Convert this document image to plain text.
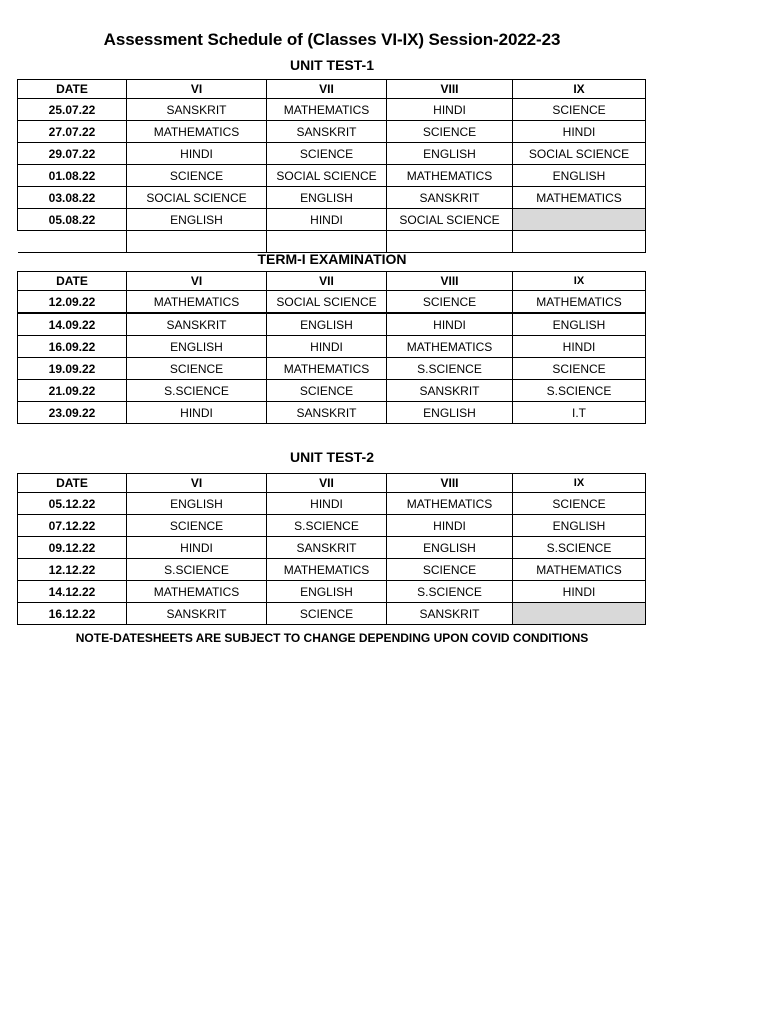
Assessment Schedule of (Classes VI-IX) Session-2022-23
UNIT TEST-1
DATE	VI	VII	VIII	IX
25.07.22	SANSKRIT	MATHEMATICS	HINDI	SCIENCE
27.07.22	MATHEMATICS	SANSKRIT	SCIENCE	HINDI
29.07.22	HINDI	SCIENCE	ENGLISH	SOCIAL SCIENCE
01.08.22	SCIENCE	SOCIAL SCIENCE	MATHEMATICS	ENGLISH
03.08.22	SOCIAL SCIENCE	ENGLISH	SANSKRIT	MATHEMATICS
05.08.22	ENGLISH	HINDI	SOCIAL SCIENCE	

TERM-I EXAMINATION
DATE	VI	VII	VIII	IX
12.09.22	MATHEMATICS	SOCIAL SCIENCE	SCIENCE	MATHEMATICS
14.09.22	SANSKRIT	ENGLISH	HINDI	ENGLISH
16.09.22	ENGLISH	HINDI	MATHEMATICS	HINDI
19.09.22	SCIENCE	MATHEMATICS	S.SCIENCE	SCIENCE
21.09.22	S.SCIENCE	SCIENCE	SANSKRIT	S.SCIENCE
23.09.22	HINDI	SANSKRIT	ENGLISH	I.T
UNIT TEST-2
DATE	VI	VII	VIII	IX
05.12.22	ENGLISH	HINDI	MATHEMATICS	SCIENCE
07.12.22	SCIENCE	S.SCIENCE	HINDI	ENGLISH
09.12.22	HINDI	SANSKRIT	ENGLISH	S.SCIENCE
12.12.22	S.SCIENCE	MATHEMATICS	SCIENCE	MATHEMATICS
14.12.22	MATHEMATICS	ENGLISH	S.SCIENCE	HINDI
16.12.22	SANSKRIT	SCIENCE	SANSKRIT	
NOTE-DATESHEETS ARE SUBJECT TO CHANGE DEPENDING UPON COVID CONDITIONS
